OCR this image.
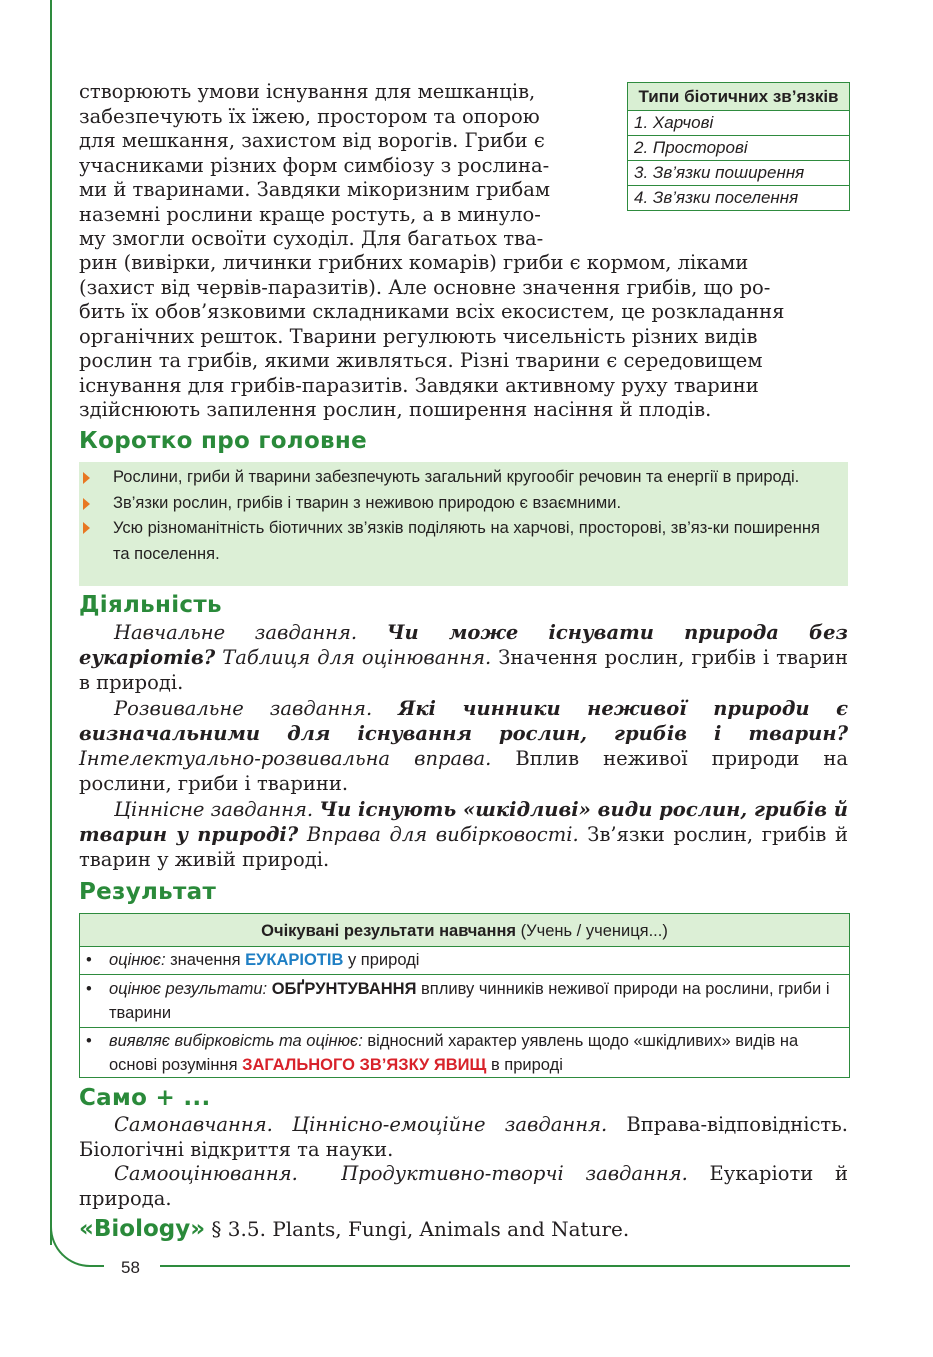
створюють умови існування для мешканців,
забезпечують їх їжею, простором та опорою
для мешкання, захистом від ворогів. Гриби є
учасниками різних форм симбіозу з рослина-
ми й тваринами. Завдяки мікоризним грибам
наземні рослини краще ростуть, а в минуло-
му змогли освоїти суходіл. Для багатьох тва-
рин (вивірки, личинки грибних комарів) гриби є кормом, ліками
(захист від червів-паразитів). Але основне значення грибів, що ро-
бить їх обов’язковими складниками всіх екосистем, це розкладання
органічних решток. Тварини регулюють чисельність різних видів
рослин та грибів, якими живляться. Різні тварини є середовищем
існування для грибів-паразитів. Завдяки активному руху тварини
здійснюють запилення рослин, поширення насіння й плодів.
Типи біотичних зв’язків
1. Харчові
2. Просторові
3. Зв’язки поширення
4. Зв’язки поселення
Коротко про головне
Рослини, гриби й тварини забезпечують загальний кругообіг речовин та енергії в природі.
Зв’язки рослин, грибів і тварин з неживою природою є взаємними.
Усю різноманітність біотичних зв’язків поділяють на харчові, просторові, зв’яз-ки поширення та поселення.
Діяльність
Навчальне завдання. Чи може існувати природа без еукаріотів? Таблиця для оцінювання. Значення рослин, грибів і тварин в природі.
Розвивальне завдання. Які чинники неживої природи є визначальними для існування рослин, грибів і тварин? Інтелектуально-розвивальна вправа. Вплив неживої природи на рослини, гриби і тварини.
Ціннісне завдання. Чи існують «шкідливі» види рослин, грибів й тварин у природі? Вправа для вибірковості. Зв’язки рослин, грибів й тварин у живій природі.
Результат
Очікувані результати навчання (Учень / учениця...)
• оцінює: значення ЕУКАРІОТІВ у природі
• оцінює результати: ОБҐРУНТУВАННЯ впливу чинників неживої природи на рослини, гриби і тварини
• виявляє вибірковість та оцінює: відносний характер уявлень щодо «шкідливих» видів на основі розуміння ЗАГАЛЬНОГО ЗВ’ЯЗКУ ЯВИЩ в природі
Само + ...
Самонавчання. Ціннісно-емоційне завдання. Вправа-відповідність. Біологічні відкриття та науки.
Самооцінювання.  Продуктивно-творчі завдання. Еукаріоти й природа.
«Biology» § 3.5. Plants, Fungi, Animals and Nature.
58
